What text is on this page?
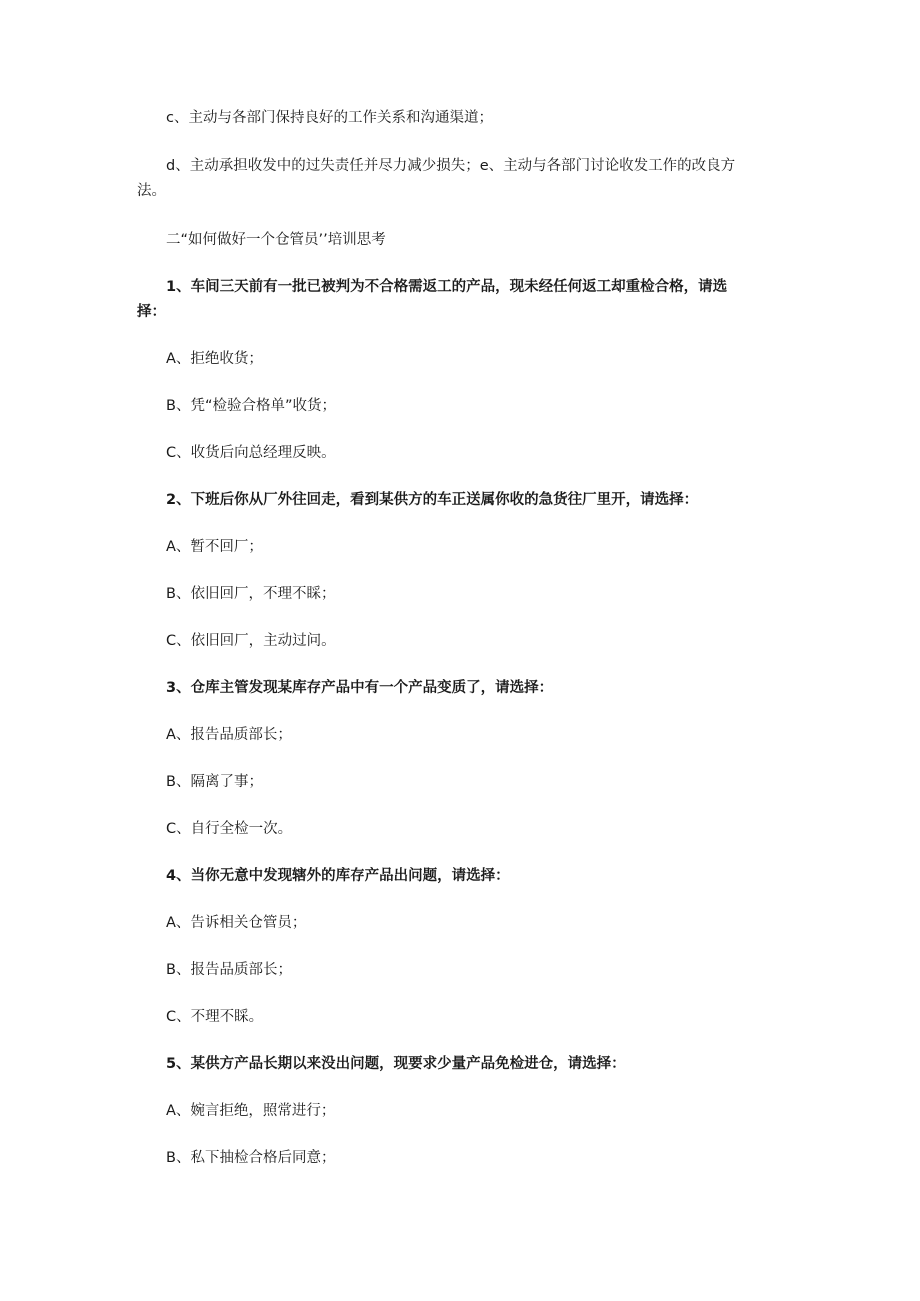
c、主动与各部门保持良好的工作关系和沟通渠道；
d、主动承担收发中的过失责任并尽力减少损失；e、主动与各部门讨论收发工作的改良方
法。
二“如何做好一个仓管员’’培训思考
1、车间三天前有一批已被判为不合格需返工的产品，现未经任何返工却重检合格，请选
择：
A、拒绝收货；
B、凭“检验合格单”收货；
C、收货后向总经理反映。
2、下班后你从厂外往回走，看到某供方的车正送属你收的急货往厂里开，请选择：
A、暂不回厂；
B、依旧回厂，不理不睬；
C、依旧回厂，主动过问。
3、仓库主管发现某库存产品中有一个产品变质了，请选择：
A、报告品质部长；
B、隔离了事；
C、自行全检一次。
4、当你无意中发现辖外的库存产品出问题，请选择：
A、告诉相关仓管员；
B、报告品质部长；
C、不理不睬。
5、某供方产品长期以来没出问题，现要求少量产品免检进仓，请选择：
A、婉言拒绝，照常进行；
B、私下抽检合格后同意；
